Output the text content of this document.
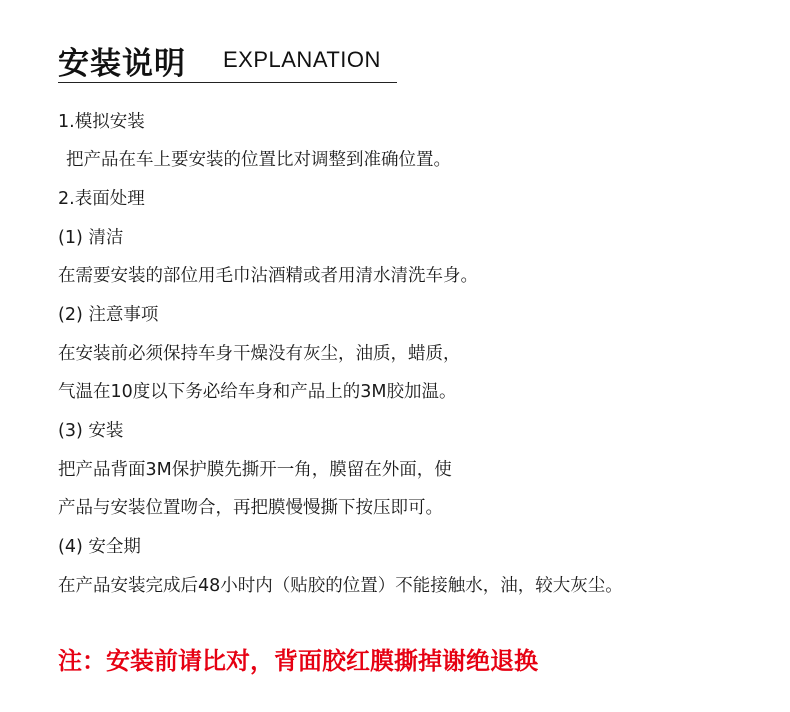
安装说明 EXPLANATION
1.模拟安装
把产品在车上要安装的位置比对调整到准确位置。
2.表面处理
(1) 清洁
在需要安装的部位用毛巾沾酒精或者用清水清洗车身。
(2) 注意事项
在安装前必须保持车身干燥没有灰尘，油质，蜡质，
气温在10度以下务必给车身和产品上的3M胶加温。
(3) 安装
把产品背面3M保护膜先撕开一角，膜留在外面，使
产品与安装位置吻合，再把膜慢慢撕下按压即可。
(4) 安全期
在产品安装完成后48小时内（贴胶的位置）不能接触水，油，较大灰尘。
注：安装前请比对，背面胶红膜撕掉谢绝退换
